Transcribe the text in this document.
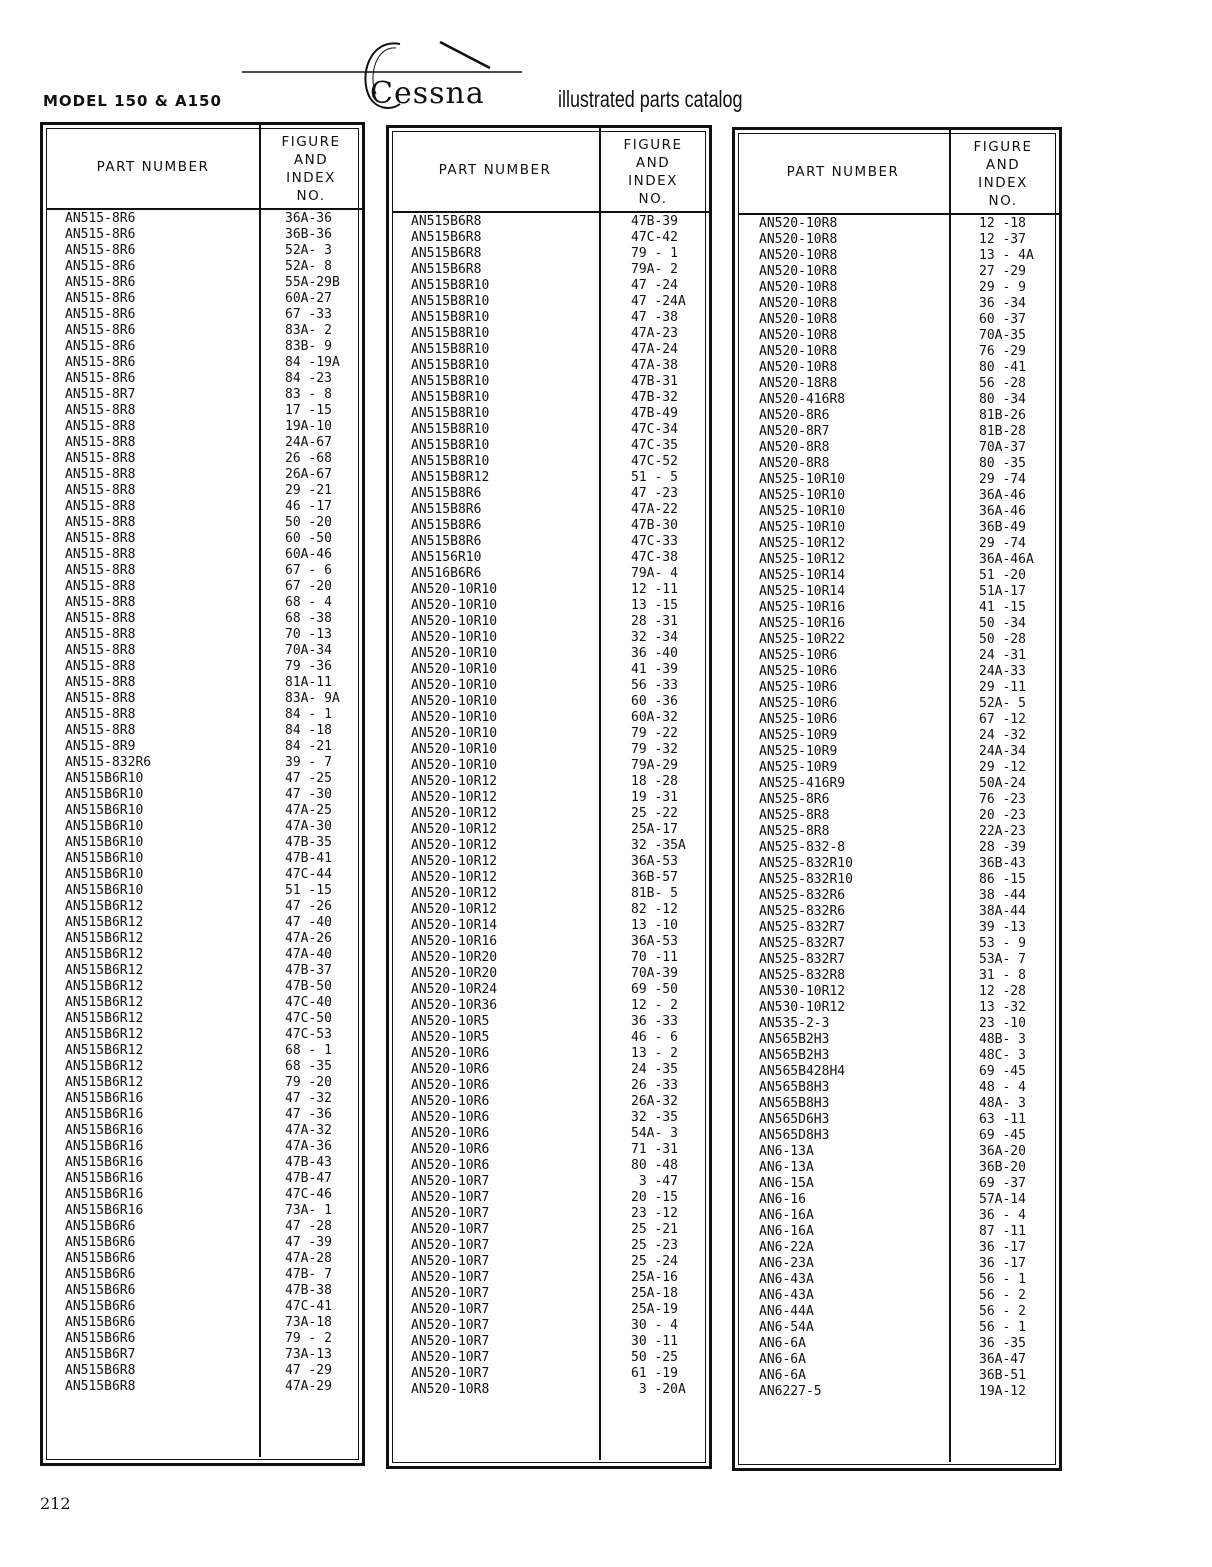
MODEL 150 & A150	Cessna	illustrated parts catalog
PART NUMBER
FIGURE
AND
INDEX
NO.
AN515-8R6
AN515-8R6
AN515-8R6
AN515-8R6
AN515-8R6
AN515-8R6
AN515-8R6
AN515-8R6
AN515-8R6
AN515-8R6
AN515-8R6
AN515-8R7
AN515-8R8
AN515-8R8
AN515-8R8
AN515-8R8
AN515-8R8
AN515-8R8
AN515-8R8
AN515-8R8
AN515-8R8
AN515-8R8
AN515-8R8
AN515-8R8
AN515-8R8
AN515-8R8
AN515-8R8
AN515-8R8
AN515-8R8
AN515-8R8
AN515-8R8
AN515-8R8
AN515-8R8
AN515-8R9
AN515-832R6
AN515B6R10
AN515B6R10
AN515B6R10
AN515B6R10
AN515B6R10
AN515B6R10
AN515B6R10
AN515B6R10
AN515B6R12
AN515B6R12
AN515B6R12
AN515B6R12
AN515B6R12
AN515B6R12
AN515B6R12
AN515B6R12
AN515B6R12
AN515B6R12
AN515B6R12
AN515B6R12
AN515B6R16
AN515B6R16
AN515B6R16
AN515B6R16
AN515B6R16
AN515B6R16
AN515B6R16
AN515B6R16
AN515B6R6
AN515B6R6
AN515B6R6
AN515B6R6
AN515B6R6
AN515B6R6
AN515B6R6
AN515B6R6
AN515B6R7
AN515B6R8
AN515B6R8
36A-36
36B-36
52A- 3
52A- 8
55A-29B
60A-27
67 -33
83A- 2
83B- 9
84 -19A
84 -23
83 - 8
17 -15
19A-10
24A-67
26 -68
26A-67
29 -21
46 -17
50 -20
60 -50
60A-46
67 - 6
67 -20
68 - 4
68 -38
70 -13
70A-34
79 -36
81A-11
83A- 9A
84 - 1
84 -18
84 -21
39 - 7
47 -25
47 -30
47A-25
47A-30
47B-35
47B-41
47C-44
51 -15
47 -26
47 -40
47A-26
47A-40
47B-37
47B-50
47C-40
47C-50
47C-53
68 - 1
68 -35
79 -20
47 -32
47 -36
47A-32
47A-36
47B-43
47B-47
47C-46
73A- 1
47 -28
47 -39
47A-28
47B- 7
47B-38
47C-41
73A-18
79 - 2
73A-13
47 -29
47A-29
PART NUMBER
FIGURE
AND
INDEX
NO.
AN515B6R8
AN515B6R8
AN515B6R8
AN515B6R8
AN515B8R10
AN515B8R10
AN515B8R10
AN515B8R10
AN515B8R10
AN515B8R10
AN515B8R10
AN515B8R10
AN515B8R10
AN515B8R10
AN515B8R10
AN515B8R10
AN515B8R12
AN515B8R6
AN515B8R6
AN515B8R6
AN515B8R6
AN5156R10
AN516B6R6
AN520-10R10
AN520-10R10
AN520-10R10
AN520-10R10
AN520-10R10
AN520-10R10
AN520-10R10
AN520-10R10
AN520-10R10
AN520-10R10
AN520-10R10
AN520-10R10
AN520-10R12
AN520-10R12
AN520-10R12
AN520-10R12
AN520-10R12
AN520-10R12
AN520-10R12
AN520-10R12
AN520-10R12
AN520-10R14
AN520-10R16
AN520-10R20
AN520-10R20
AN520-10R24
AN520-10R36
AN520-10R5
AN520-10R5
AN520-10R6
AN520-10R6
AN520-10R6
AN520-10R6
AN520-10R6
AN520-10R6
AN520-10R6
AN520-10R6
AN520-10R7
AN520-10R7
AN520-10R7
AN520-10R7
AN520-10R7
AN520-10R7
AN520-10R7
AN520-10R7
AN520-10R7
AN520-10R7
AN520-10R7
AN520-10R7
AN520-10R7
AN520-10R8
47B-39
47C-42
79 - 1
79A- 2
47 -24
47 -24A
47 -38
47A-23
47A-24
47A-38
47B-31
47B-32
47B-49
47C-34
47C-35
47C-52
51 - 5
47 -23
47A-22
47B-30
47C-33
47C-38
79A- 4
12 -11
13 -15
28 -31
32 -34
36 -40
41 -39
56 -33
60 -36
60A-32
79 -22
79 -32
79A-29
18 -28
19 -31
25 -22
25A-17
32 -35A
36A-53
36B-57
81B- 5
82 -12
13 -10
36A-53
70 -11
70A-39
69 -50
12 - 2
36 -33
46 - 6
13 - 2
24 -35
26 -33
26A-32
32 -35
54A- 3
71 -31
80 -48
3 -47
20 -15
23 -12
25 -21
25 -23
25 -24
25A-16
25A-18
25A-19
30 - 4
30 -11
50 -25
61 -19
3 -20A
PART NUMBER
FIGURE
AND
INDEX
NO.
AN520-10R8
AN520-10R8
AN520-10R8
AN520-10R8
AN520-10R8
AN520-10R8
AN520-10R8
AN520-10R8
AN520-10R8
AN520-10R8
AN520-18R8
AN520-416R8
AN520-8R6
AN520-8R7
AN520-8R8
AN520-8R8
AN525-10R10
AN525-10R10
AN525-10R10
AN525-10R10
AN525-10R12
AN525-10R12
AN525-10R14
AN525-10R14
AN525-10R16
AN525-10R16
AN525-10R22
AN525-10R6
AN525-10R6
AN525-10R6
AN525-10R6
AN525-10R6
AN525-10R9
AN525-10R9
AN525-10R9
AN525-416R9
AN525-8R6
AN525-8R8
AN525-8R8
AN525-832-8
AN525-832R10
AN525-832R10
AN525-832R6
AN525-832R6
AN525-832R7
AN525-832R7
AN525-832R7
AN525-832R8
AN530-10R12
AN530-10R12
AN535-2-3
AN565B2H3
AN565B2H3
AN565B428H4
AN565B8H3
AN565B8H3
AN565D6H3
AN565D8H3
AN6-13A
AN6-13A
AN6-15A
AN6-16
AN6-16A
AN6-16A
AN6-22A
AN6-23A
AN6-43A
AN6-43A
AN6-44A
AN6-54A
AN6-6A
AN6-6A
AN6-6A
AN6227-5
12 -18
12 -37
13 - 4A
27 -29
29 - 9
36 -34
60 -37
70A-35
76 -29
80 -41
56 -28
80 -34
81B-26
81B-28
70A-37
80 -35
29 -74
36A-46
36A-46
36B-49
29 -74
36A-46A
51 -20
51A-17
41 -15
50 -34
50 -28
24 -31
24A-33
29 -11
52A- 5
67 -12
24 -32
24A-34
29 -12
50A-24
76 -23
20 -23
22A-23
28 -39
36B-43
86 -15
38 -44
38A-44
39 -13
53 - 9
53A- 7
31 - 8
12 -28
13 -32
23 -10
48B- 3
48C- 3
69 -45
48 - 4
48A- 3
63 -11
69 -45
36A-20
36B-20
69 -37
57A-14
36 - 4
87 -11
36 -17
36 -17
56 - 1
56 - 2
56 - 2
56 - 1
36 -35
36A-47
36B-51
19A-12
212
